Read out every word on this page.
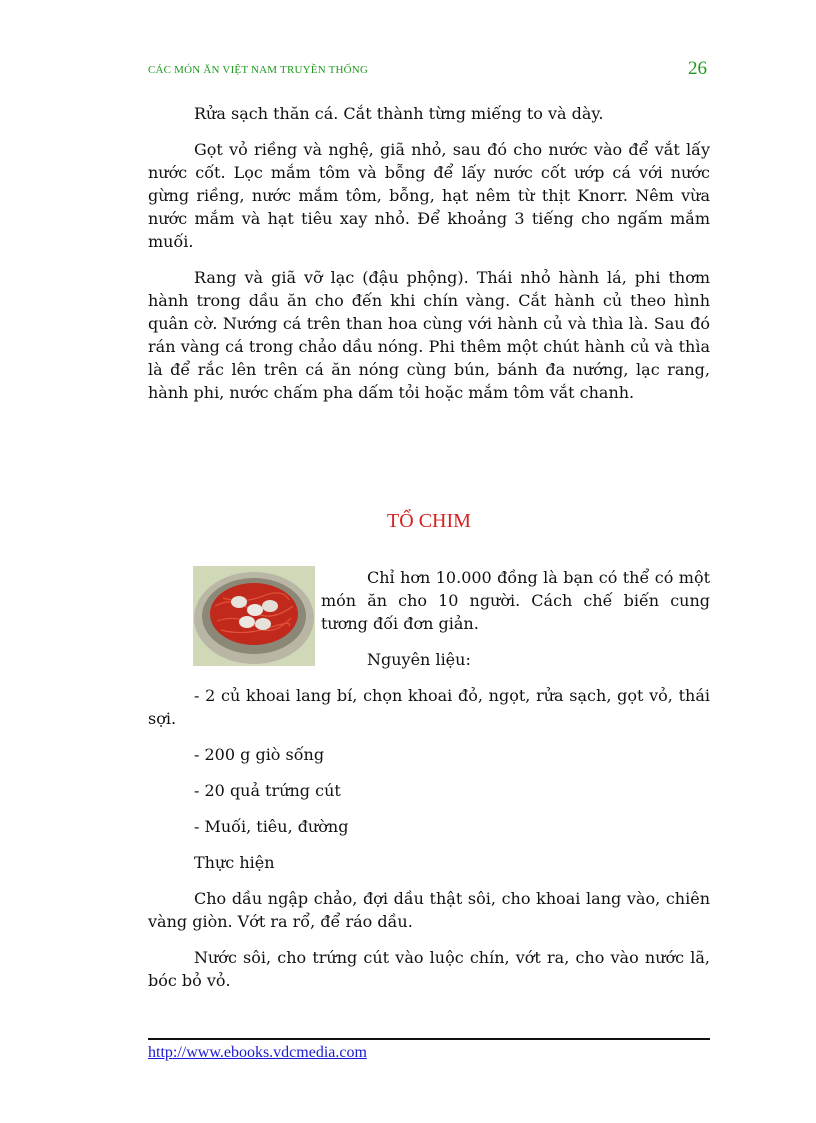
CÁC MÓN ĂN VIỆT NAM TRUYỀN THỐNG	26

Rửa sạch thăn cá. Cắt thành từng miếng to và dày.

Gọt vỏ riềng và nghệ, giã nhỏ, sau đó cho nước vào để vắt lấy nước cốt. Lọc mắm tôm và bỗng để lấy nước cốt ướp cá với nước gừng riềng, nước mắm tôm, bỗng, hạt nêm từ thịt Knorr. Nêm vừa nước mắm và hạt tiêu xay nhỏ. Để khoảng 3 tiếng cho ngấm mắm muối.

Rang và giã vỡ lạc (đậu phộng). Thái nhỏ hành lá, phi thơm hành trong dầu ăn cho đến khi chín vàng. Cắt hành củ theo hình quân cờ. Nướng cá trên than hoa cùng với hành củ và thìa là. Sau đó rán vàng cá trong chảo dầu nóng. Phi thêm một chút hành củ và thìa là để rắc lên trên cá ăn nóng cùng bún, bánh đa nướng, lạc rang, hành phi, nước chấm pha dấm tỏi hoặc mắm tôm vắt chanh.

TỔ CHIM

Chỉ hơn 10.000 đồng là bạn có thể có một món ăn cho 10 người. Cách chế biến cung tương đối đơn giản.

Nguyên liệu:

- 2 củ khoai lang bí, chọn khoai đỏ, ngọt, rửa sạch, gọt vỏ, thái sợi.

- 200 g giò sống

- 20 quả trứng cút

- Muối, tiêu, đường

Thực hiện

Cho dầu ngập chảo, đợi dầu thật sôi, cho khoai lang vào, chiên vàng giòn. Vớt ra rổ, để ráo dầu.

Nước sôi, cho trứng cút vào luộc chín, vớt ra, cho vào nước lã, bóc bỏ vỏ.

http://www.ebooks.vdcmedia.com
